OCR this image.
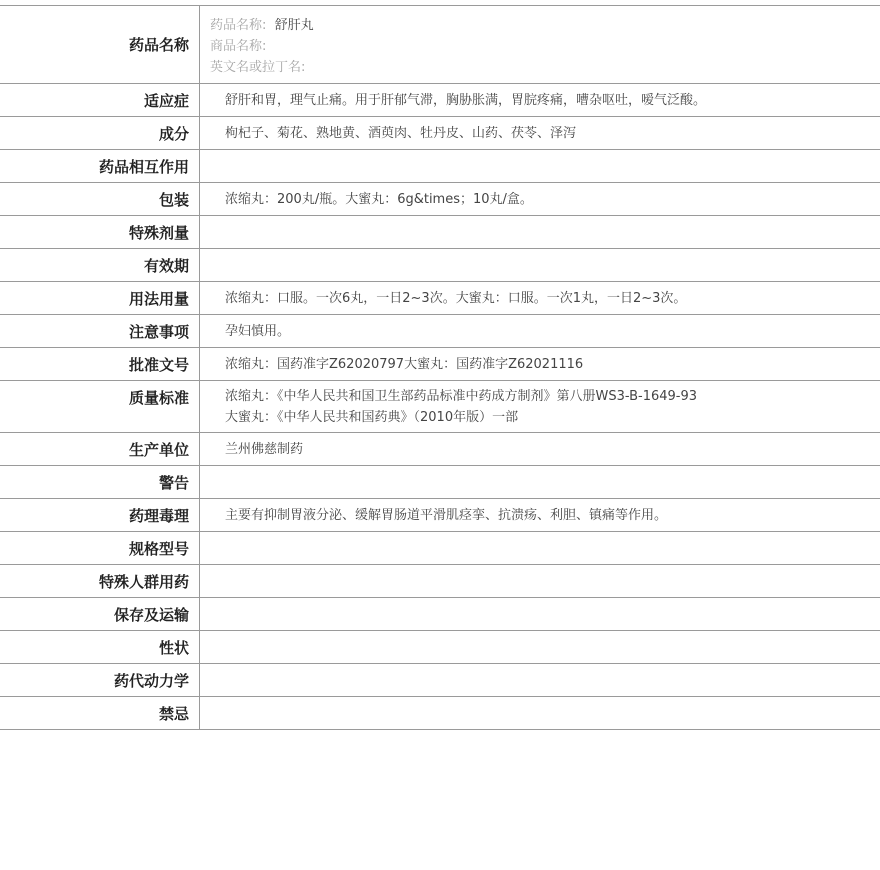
药品名称
药品名称: 舒肝丸
商品名称:
英文名或拉丁名:
适应症	舒肝和胃，理气止痛。用于肝郁气滞，胸胁胀满，胃脘疼痛，嘈杂呕吐，嗳气泛酸。
成分	枸杞子、菊花、熟地黄、酒萸肉、牡丹皮、山药、茯苓、泽泻
药品相互作用
包装	浓缩丸：200丸/瓶。大蜜丸：6g&times；10丸/盒。
特殊剂量
有效期
用法用量	浓缩丸：口服。一次6丸，一日2~3次。大蜜丸：口服。一次1丸，一日2~3次。
注意事项	孕妇慎用。
批准文号	浓缩丸：国药准字Z62020797大蜜丸：国药准字Z62021116
质量标准	浓缩丸：《中华人民共和国卫生部药品标准中药成方制剂》第八册WS3-B-1649-93
大蜜丸：《中华人民共和国药典》（2010年版）一部
生产单位	兰州佛慈制药
警告
药理毒理	主要有抑制胃液分泌、缓解胃肠道平滑肌痉挛、抗溃疡、利胆、镇痛等作用。
规格型号
特殊人群用药
保存及运输
性状
药代动力学
禁忌
